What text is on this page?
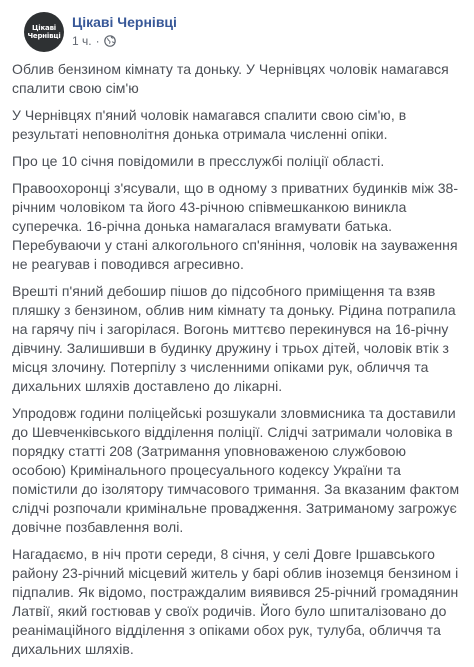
Цікаві
Чернівці
Цікаві Чернівці
1 ч. ·

Облив бензином кімнату та доньку. У Чернівцях чоловік намагався спалити свою сім'ю

У Чернівцях п'яний чоловік намагався спалити свою сім'ю, в результаті неповнолітня донька отримала численні опіки.

Про це 10 січня повідомили в пресслужбі поліції області.

Правоохоронці з'ясували, що в одному з приватних будинків між 38-річним чоловіком та його 43-річною співмешканкою виникла суперечка. 16-річна донька намагалася вгамувати батька. Перебуваючи у стані алкогольного сп'яніння, чоловік на зауваження не реагував і поводився агресивно.

Врешті п'яний дебошир пішов до підсобного приміщення та взяв пляшку з бензином, облив ним кімнату та доньку. Рідина потрапила на гарячу піч і загорілася. Вогонь миттєво перекинувся на 16-річну дівчину. Залишивши в будинку дружину і трьох дітей, чоловік втік з місця злочину. Потерпілу з численними опіками рук, обличчя та дихальних шляхів доставлено до лікарні.

Упродовж години поліцейські розшукали зловмисника та доставили до Шевченківського відділення поліції. Слідчі затримали чоловіка в порядку статті 208 (Затримання уповноваженою службовою особою) Кримінального процесуального кодексу України та помістили до ізолятору тимчасового тримання. За вказаним фактом слідчі розпочали кримінальне провадження. Затриманому загрожує довічне позбавлення волі.

Нагадаємо, в ніч проти середи, 8 січня, у селі Довге Іршавського району 23-річний місцевий житель у барі облив іноземця бензином і підпалив. Як відомо, постраждалим виявився 25-річний громадянин Латвії, який гостював у своїх родичів. Його було шпиталізовано до реанімаційного відділення з опіками обох рук, тулуба, обличчя та дихальних шляхів.
